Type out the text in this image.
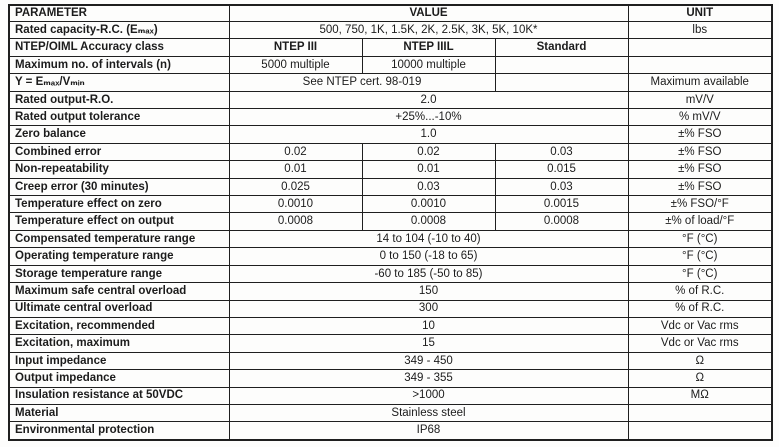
PARAMETER	VALUE			UNIT
Rated capacity-R.C. (Eₘₐₓ)	500, 750, 1K, 1.5K, 2K, 2.5K, 3K, 5K, 10K*			lbs
NTEP/OIML Accuracy class	NTEP III	NTEP IIIL	Standard	
Maximum no. of intervals (n)	5000 multiple	10000 multiple		
Y = Eₘₐₓ/Vₘᵢₙ	See NTEP cert. 98-019			Maximum available
Rated output-R.O.	2.0			mV/V
Rated output tolerance	+25%...-10%			% mV/V
Zero balance	1.0			±% FSO
Combined error	0.02	0.02	0.03	±% FSO
Non-repeatability	0.01	0.01	0.015	±% FSO
Creep error (30 minutes)	0.025	0.03	0.03	±% FSO
Temperature effect on zero	0.0010	0.0010	0.0015	±% FSO/°F
Temperature effect on output	0.0008	0.0008	0.0008	±% of load/°F
Compensated temperature range	14 to 104 (-10 to 40)			°F (°C)
Operating temperature range	0 to 150 (-18 to 65)			°F (°C)
Storage temperature range	-60 to 185 (-50 to 85)			°F (°C)
Maximum safe central overload	150			% of R.C.
Ultimate central overload	300			% of R.C.
Excitation, recommended	10			Vdc or Vac rms
Excitation, maximum	15			Vdc or Vac rms
Input impedance	349 - 450			Ω
Output impedance	349 - 355			Ω
Insulation resistance at 50VDC	>1000			MΩ
Material	Stainless steel			
Environmental protection	IP68			
